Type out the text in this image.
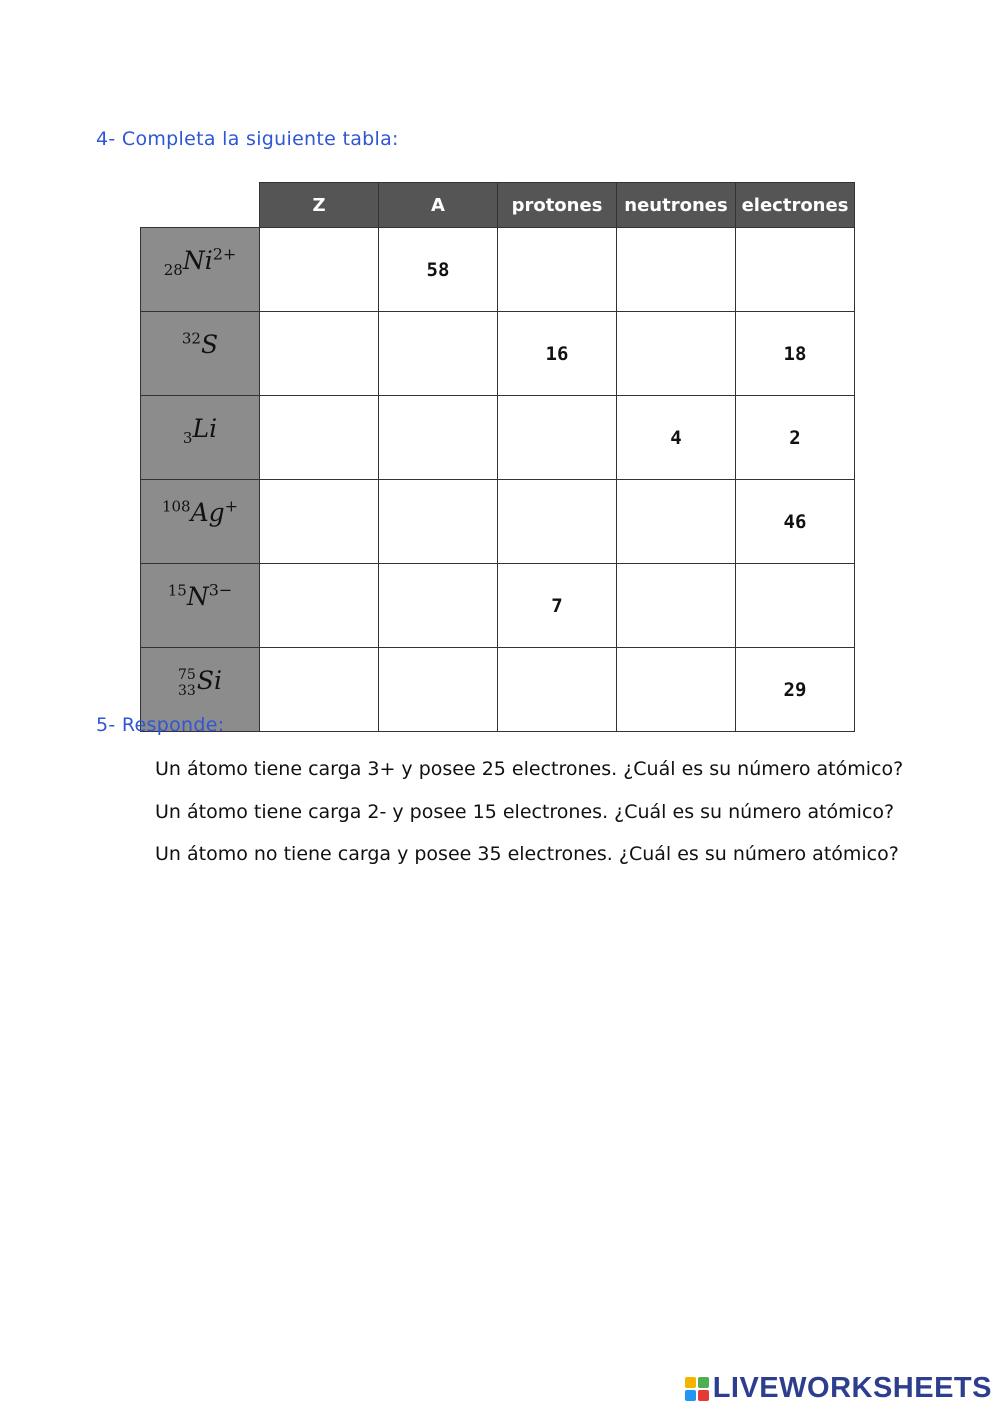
4- Completa la siguiente tabla:
	Z	A	protones	neutrones	electrones
$_{28}Ni^{2+}$		58			
$^{32}$S			16		18
$_3$Li				4	2
$^{108}$Ag+					46
$^{15}N^{3-}$			7		

75
33 Si					29
5- Responde:

Un átomo tiene carga 3+ y posee 25 electrones. ¿Cuál es su número atómico?

Un átomo tiene carga 2- y posee 15 electrones. ¿Cuál es su número atómico?

Un átomo no tiene carga y posee 35 electrones. ¿Cuál es su número atómico?

LIVEWORKSHEETS
